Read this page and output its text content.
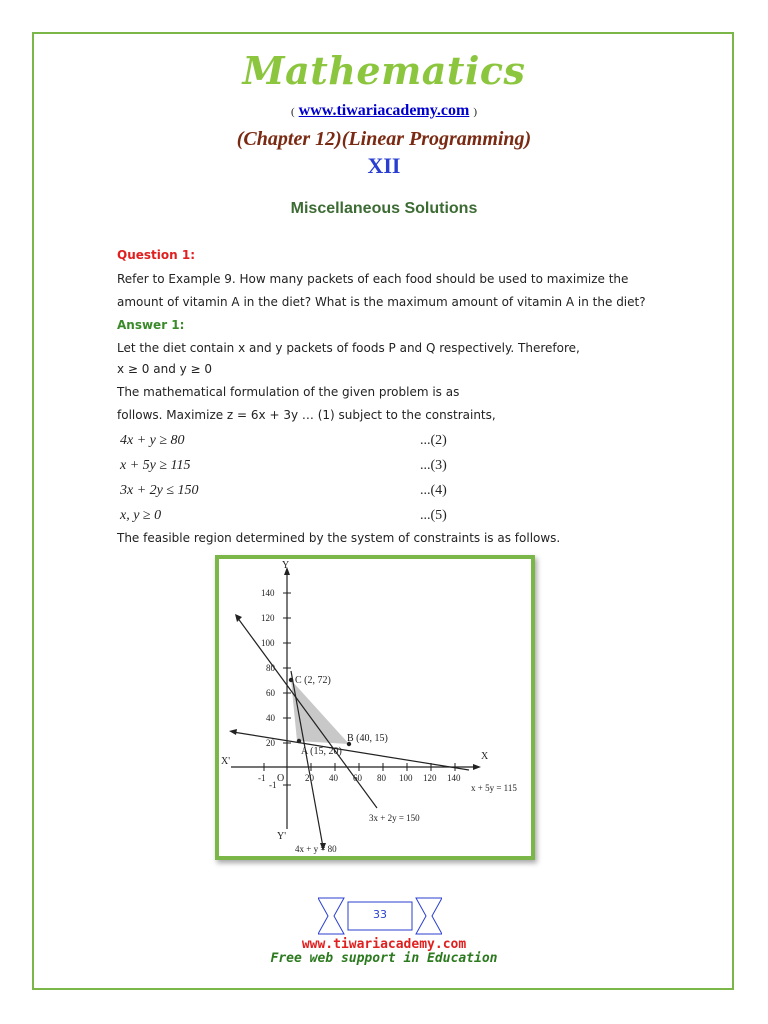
Mathematics
( www.tiwariacademy.com )
(Chapter 12)(Linear Programming)
XII
Miscellaneous Solutions
Question 1:
Refer to Example 9. How many packets of each food should be used to maximize the
amount of vitamin A in the diet? What is the maximum amount of vitamin A in the diet?
Answer 1:
Let the diet contain x and y packets of foods P and Q respectively. Therefore,
x ≥ 0 and y ≥ 0
The mathematical formulation of the given problem is as
follows. Maximize z = 6x + 3y … (1) subject to the constraints,
4x + y ≥ 80	...(2)
x + 5y ≥ 115	...(3)
3x + 2y ≤ 150	...(4)
x, y ≥ 0	...(5)
The feasible region determined by the system of constraints is as follows.
Y
Y'
X
X'
O
140
120
100
80
60
40
20
-1
-1	20 40 60 80 100 120 140
C (2, 72)
B (40, 15)
A (15, 20)
x + 5y = 115
3x + 2y = 150
4x + y = 80
33
www.tiwariacademy.com
Free web support in Education
